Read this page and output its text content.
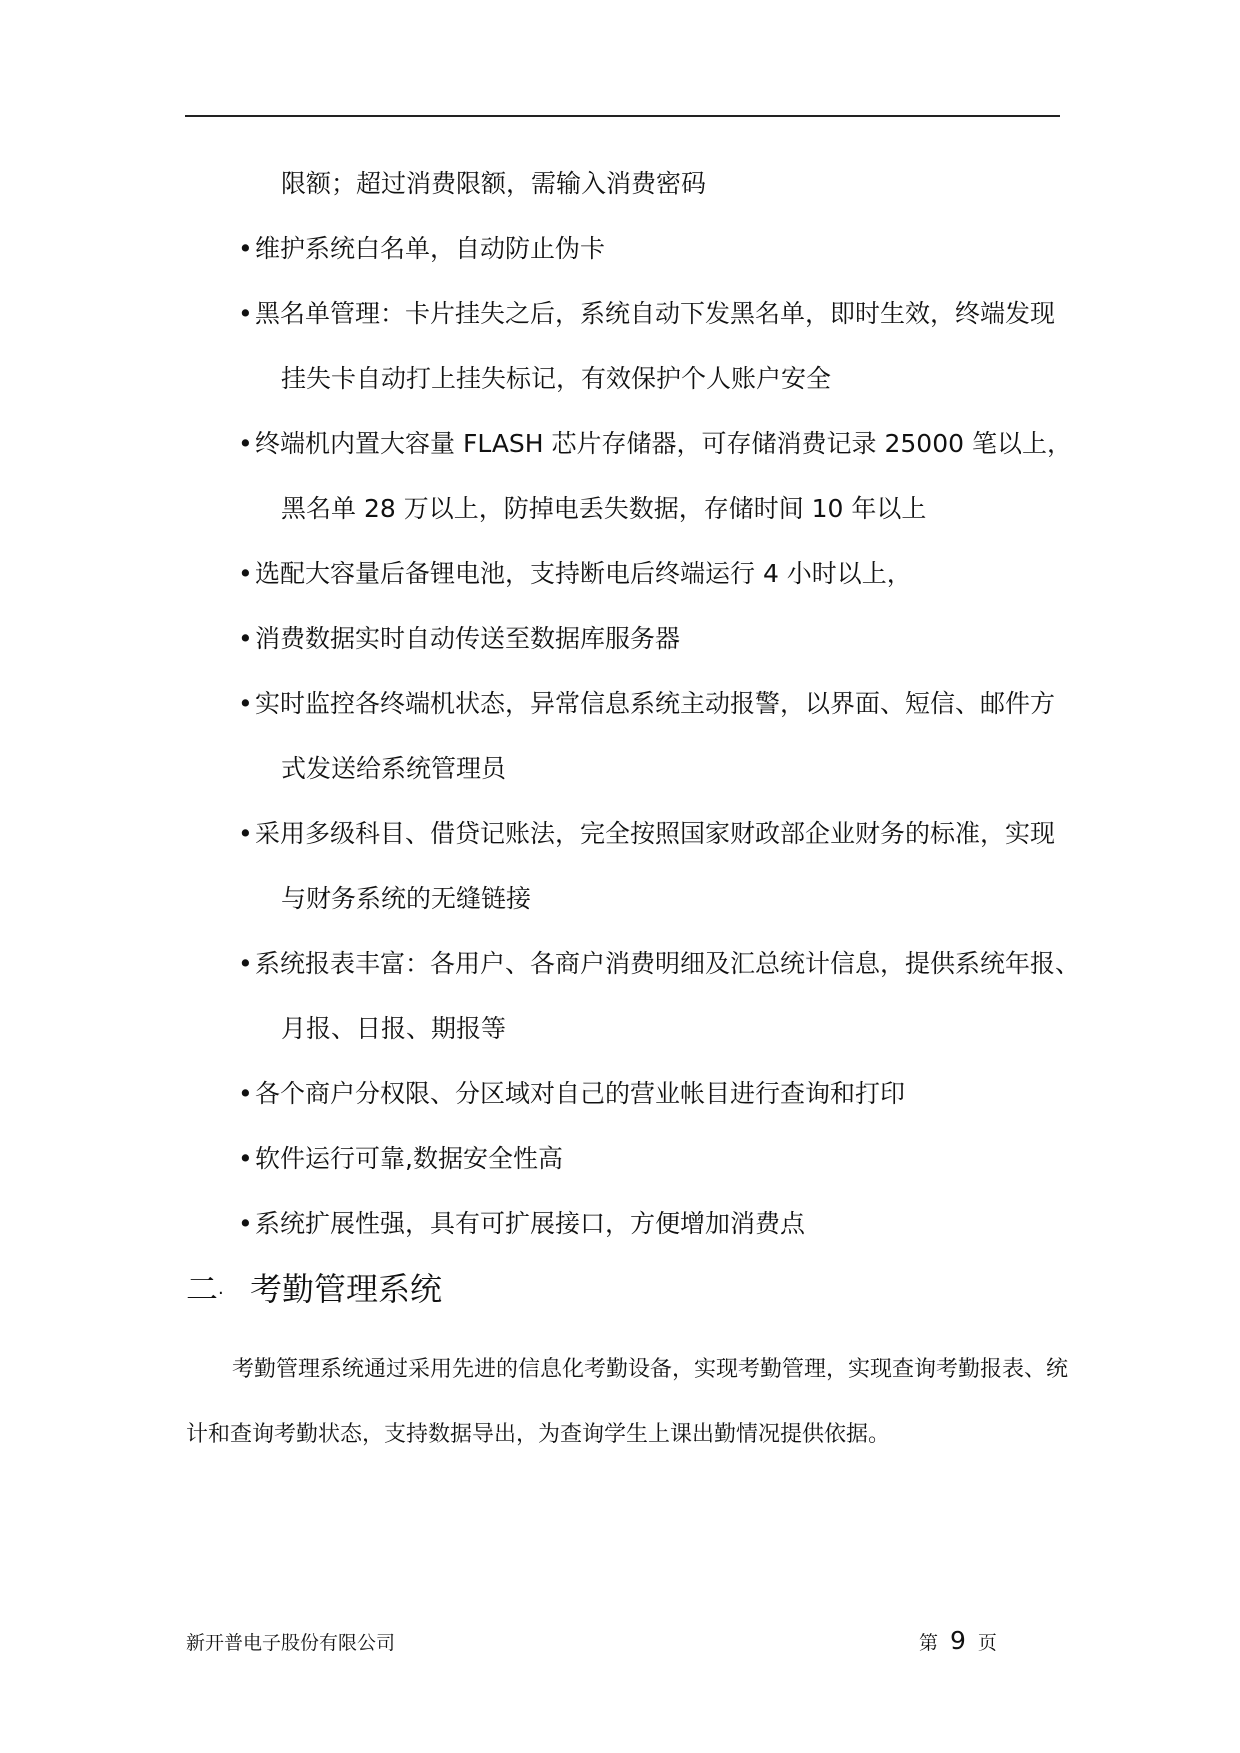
限额；超过消费限额，需输入消费密码
•维护系统白名单，自动防止伪卡
•黑名单管理：卡片挂失之后，系统自动下发黑名单，即时生效，终端发现
挂失卡自动打上挂失标记，有效保护个人账户安全
•终端机内置大容量 FLASH 芯片存储器，可存储消费记录 25000 笔以上，
黑名单 28 万以上，防掉电丢失数据，存储时间 10 年以上
•选配大容量后备锂电池，支持断电后终端运行 4 小时以上，
•消费数据实时自动传送至数据库服务器
•实时监控各终端机状态，异常信息系统主动报警，以界面、短信、邮件方
式发送给系统管理员
•采用多级科目、借贷记账法，完全按照国家财政部企业财务的标准，实现
与财务系统的无缝链接
•系统报表丰富：各用户、各商户消费明细及汇总统计信息，提供系统年报、
月报、日报、期报等
•各个商户分权限、分区域对自己的营业帐目进行查询和打印
•软件运行可靠,数据安全性高
•系统扩展性强，具有可扩展接口，方便增加消费点
二. 考勤管理系统
考勤管理系统通过采用先进的信息化考勤设备，实现考勤管理，实现查询考勤报表、统
计和查询考勤状态，支持数据导出，为查询学生上课出勤情况提供依据。
新开普电子股份有限公司	第 9 页
